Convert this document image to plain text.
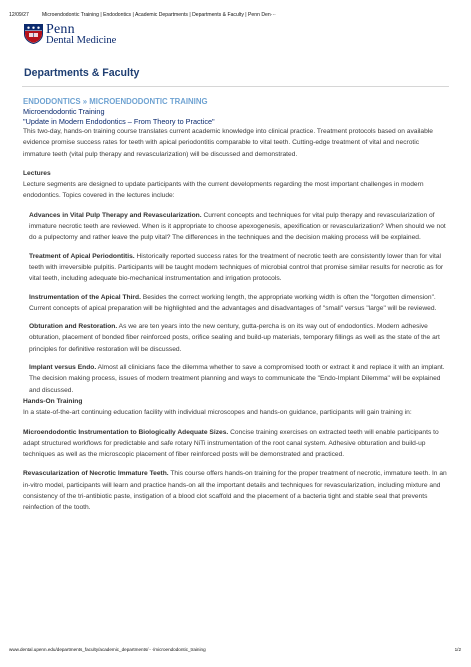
12/09/27	Microendodontic Training | Endodontics | Academic Departments | Departments & Faculty | Penn Den···
Penn
Dental Medicine
Departments & Faculty

ENDODONTICS » MICROENDODONTIC TRAINING

Microendodontic Training

"Update in Modern Endodontics – From Theory to Practice"

This two-day, hands-on training course translates current academic knowledge into clinical practice. Treatment protocols based on available evidence promise success rates for teeth with apical periodontitis comparable to vital teeth. Cutting-edge treatment of vital and necrotic immature teeth (vital pulp therapy and revascularization) will be discussed and demonstrated.

Lectures

Lecture segments are designed to update participants with the current developments regarding the most important challenges in modern endodontics. Topics covered in the lectures include:

Advances in Vital Pulp Therapy and Revascularization. Current concepts and techniques for vital pulp therapy and revascularization of immature necrotic teeth are reviewed. When is it appropriate to choose apexogenesis, apexification or revascularization? When should we not do a pulpectomy and rather leave the pulp vital? The differences in the techniques and the decision making process will be explained.

Treatment of Apical Periodontitis. Historically reported success rates for the treatment of necrotic teeth are consistently lower than for vital teeth with irreversible pulpitis. Participants will be taught modern techniques of microbial control that promise similar results for necrotic as for vital teeth, including adequate bio-mechanical instrumentation and irrigation protocols.

Instrumentation of the Apical Third. Besides the correct working length, the appropriate working width is often the "forgotten dimension". Current concepts of apical preparation will be highlighted and the advantages and disadvantages of "small" versus "large" will be reviewed.

Obturation and Restoration. As we are ten years into the new century, gutta-percha is on its way out of endodontics. Modern adhesive obturation, placement of bonded fiber reinforced posts, orifice sealing and build-up materials, temporary fillings as well as the state of the art principles for definitive restoration will be discussed.

Implant versus Endo. Almost all clinicians face the dilemma whether to save a compromised tooth or extract it and replace it with an implant. The decision making process, issues of modern treatment planning and ways to communicate the "Endo-Implant Dilemma" will be explained and discussed.

Hands-On Training

In a state-of-the-art continuing education facility with individual microscopes and hands-on guidance, participants will gain training in:

Microendodontic Instrumentation to Biologically Adequate Sizes. Concise training exercises on extracted teeth will enable participants to adapt structured workflows for predictable and safe rotary NiTi instrumentation of the root canal system. Adhesive obturation and build-up techniques as well as the microscopic placement of fiber reinforced posts will be demonstrated and practiced.

Revascularization of Necrotic Immature Teeth. This course offers hands-on training for the proper treatment of necrotic, immature teeth. In an in-vitro model, participants will learn and practice hands-on all the important details and techniques for revascularization, including mixture and consistency of the tri-antibiotic paste, instigation of a blood clot scaffold and the placement of a bacteria tight and stable seal that prevents reinfection of the tooth.

www.dental.upenn.edu/departments_faculty/academic_departments/···/microendodontic_training	1/2
